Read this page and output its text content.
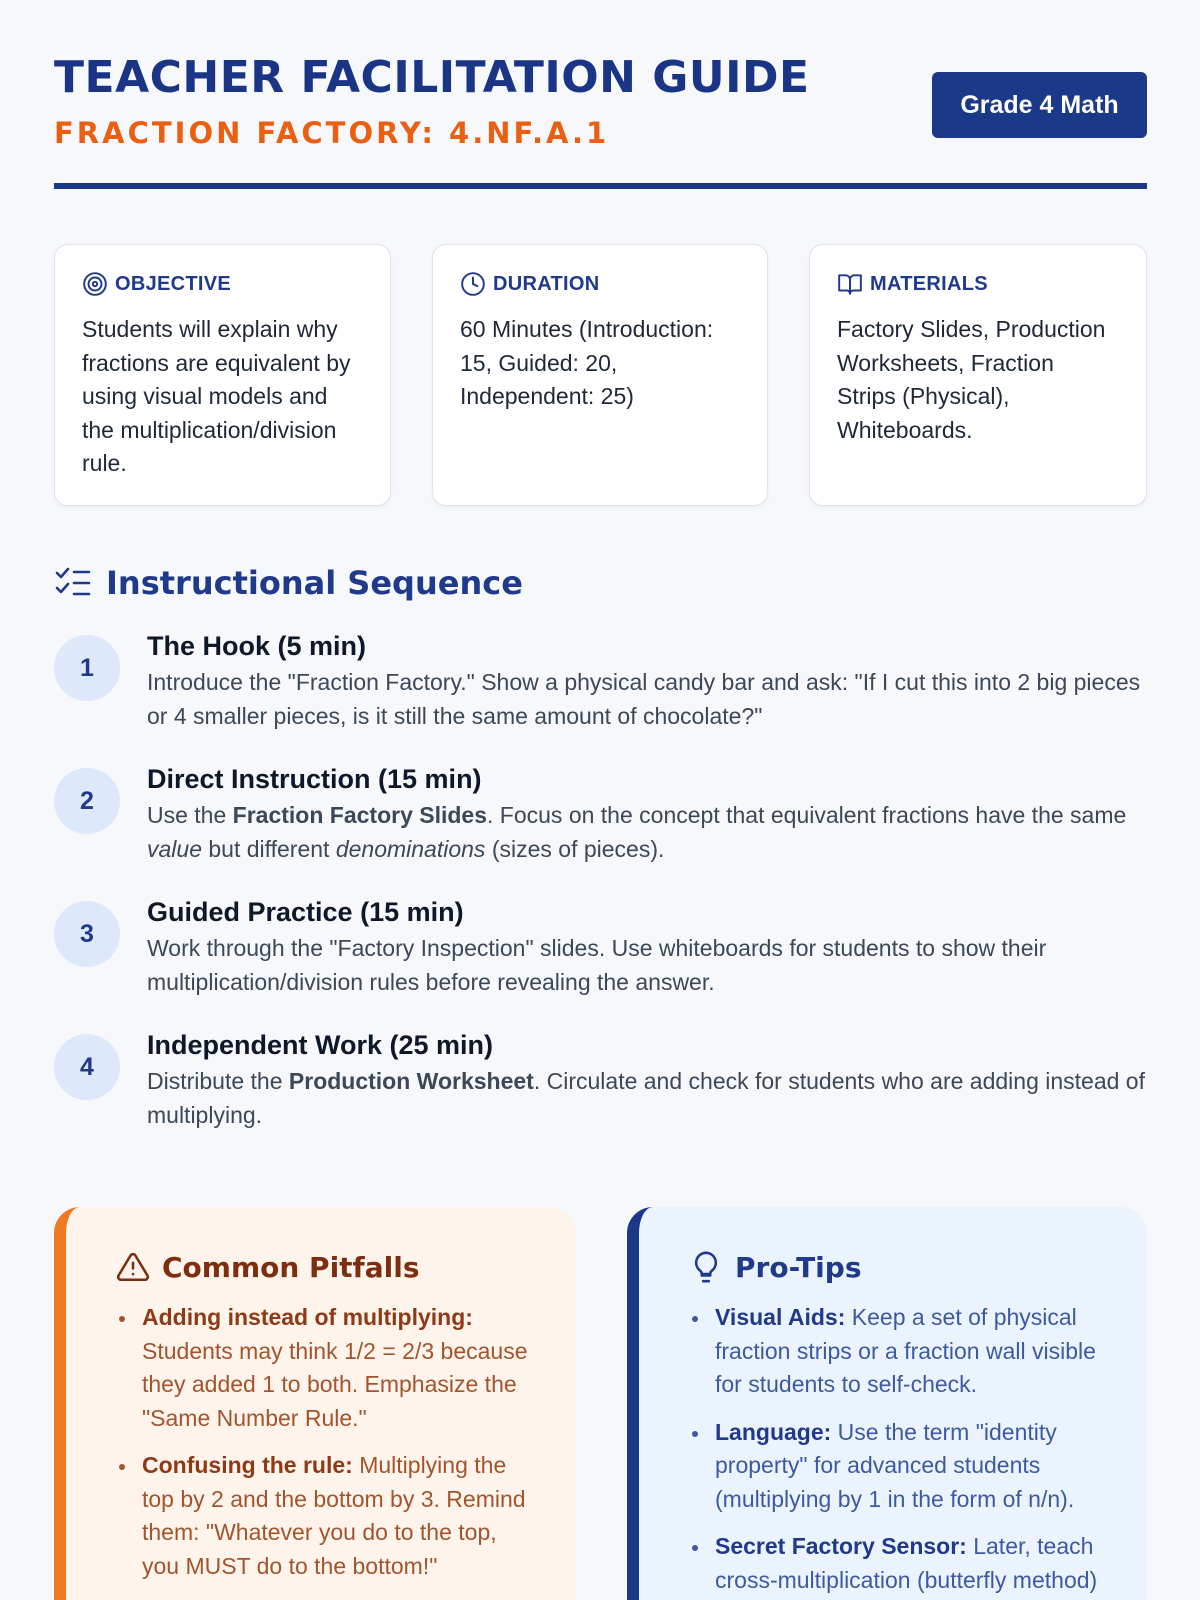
TEACHER FACILITATION GUIDE
FRACTION FACTORY: 4.NF.A.1
Grade 4 Math
OBJECTIVE

Students will explain why fractions are equivalent by using visual models and the multiplication/division rule.

DURATION

60 Minutes (Introduction: 15, Guided: 20, Independent: 25)

MATERIALS

Factory Slides, Production Worksheets, Fraction Strips (Physical), Whiteboards.

Instructional Sequence
1
The Hook (5 min)

Introduce the "Fraction Factory." Show a physical candy bar and ask: "If I cut this into 2 big pieces or 4 smaller pieces, is it still the same amount of chocolate?"

2
Direct Instruction (15 min)

Use the Fraction Factory Slides. Focus on the concept that equivalent fractions have the same value but different denominations (sizes of pieces).

3
Guided Practice (15 min)

Work through the "Factory Inspection" slides. Use whiteboards for students to show their multiplication/division rules before revealing the answer.

4
Independent Work (25 min)

Distribute the Production Worksheet. Circulate and check for students who are adding instead of multiplying.

Common Pitfalls
Adding instead of multiplying: Students may think 1/2 = 2/3 because they added 1 to both. Emphasize the "Same Number Rule."
Confusing the rule: Multiplying the top by 2 and the bottom by 3. Remind them: "Whatever you do to the top, you MUST do to the bottom!"
Pro-Tips
Visual Aids: Keep a set of physical fraction strips or a fraction wall visible for students to self-check.
Language: Use the term "identity property" for advanced students (multiplying by 1 in the form of n/n).
Secret Factory Sensor: Later, teach cross-multiplication (butterfly method)
